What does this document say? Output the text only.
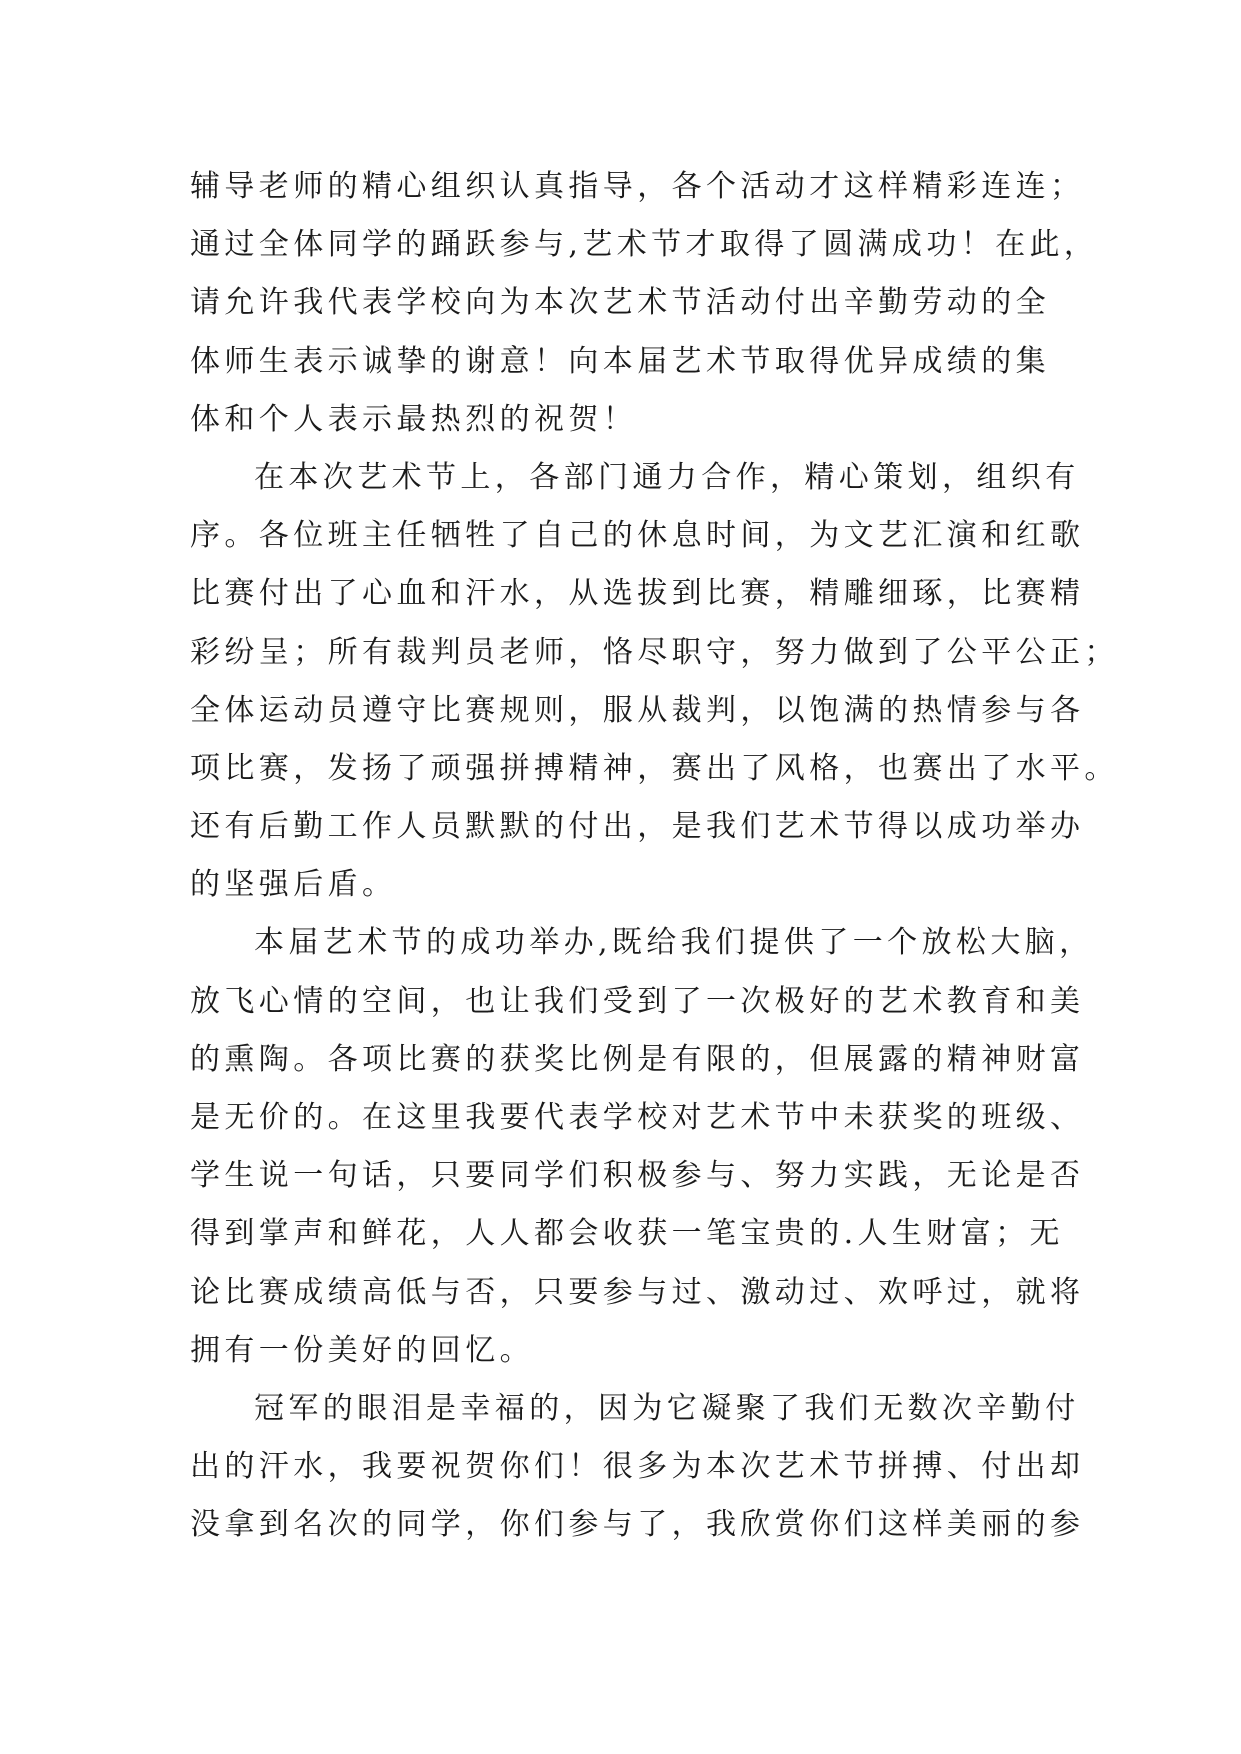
辅导老师的精心组织认真指导，各个活动才这样精彩连连；
通过全体同学的踊跃参与,艺术节才取得了圆满成功！在此，
请允许我代表学校向为本次艺术节活动付出辛勤劳动的全
体师生表示诚挚的谢意！向本届艺术节取得优异成绩的集
体和个人表示最热烈的祝贺！
在本次艺术节上，各部门通力合作，精心策划，组织有
序。各位班主任牺牲了自己的休息时间，为文艺汇演和红歌
比赛付出了心血和汗水，从选拔到比赛，精雕细琢，比赛精
彩纷呈；所有裁判员老师，恪尽职守，努力做到了公平公正；
全体运动员遵守比赛规则，服从裁判，以饱满的热情参与各
项比赛，发扬了顽强拼搏精神，赛出了风格，也赛出了水平。
还有后勤工作人员默默的付出，是我们艺术节得以成功举办
的坚强后盾。
本届艺术节的成功举办,既给我们提供了一个放松大脑，
放飞心情的空间，也让我们受到了一次极好的艺术教育和美
的熏陶。各项比赛的获奖比例是有限的，但展露的精神财富
是无价的。在这里我要代表学校对艺术节中未获奖的班级、
学生说一句话，只要同学们积极参与、努力实践，无论是否
得到掌声和鲜花，人人都会收获一笔宝贵的.人生财富；无
论比赛成绩高低与否，只要参与过、激动过、欢呼过，就将
拥有一份美好的回忆。
冠军的眼泪是幸福的，因为它凝聚了我们无数次辛勤付
出的汗水，我要祝贺你们！很多为本次艺术节拼搏、付出却
没拿到名次的同学，你们参与了，我欣赏你们这样美丽的参
